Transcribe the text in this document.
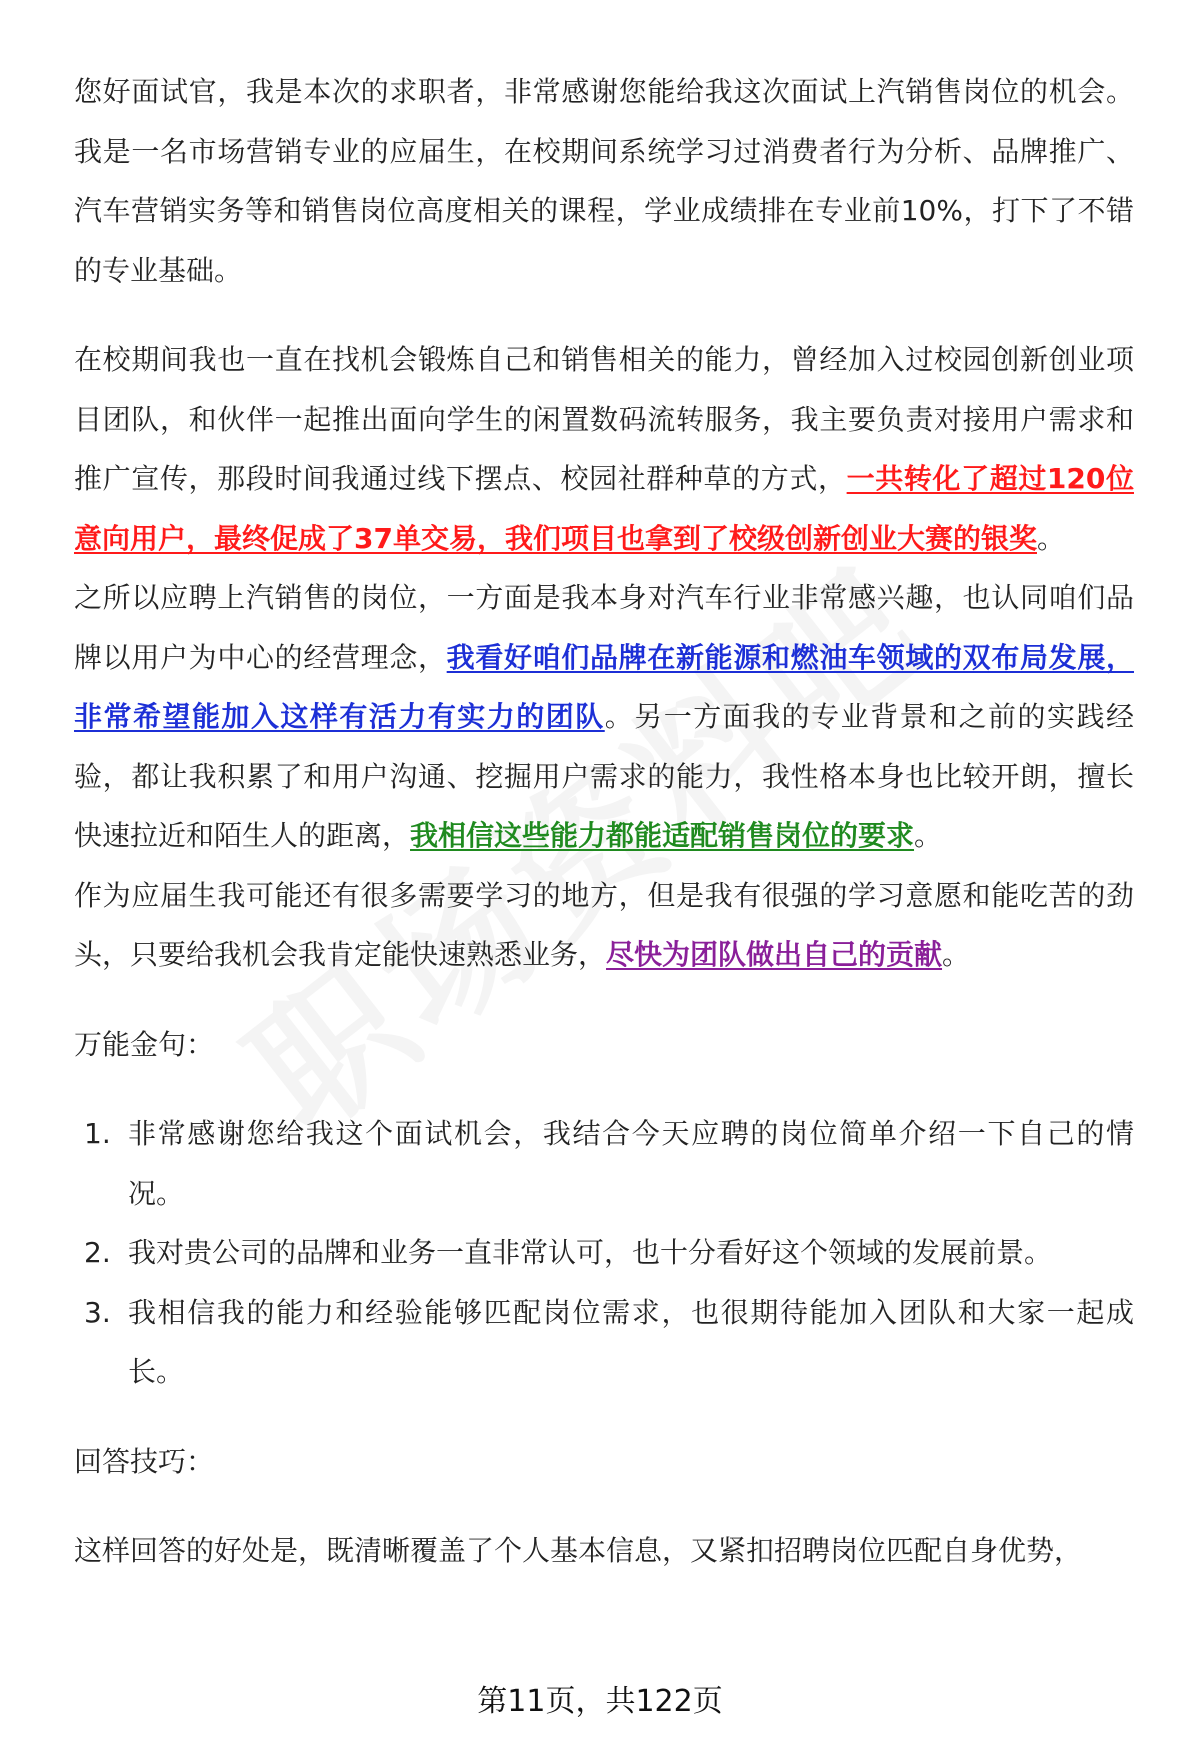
您好面试官，我是本次的求职者，非常感谢您能给我这次面试上汽销售岗位的机会。我是一名市场营销专业的应届生，在校期间系统学习过消费者行为分析、品牌推广、汽车营销实务等和销售岗位高度相关的课程，学业成绩排在专业前10%，打下了不错的专业基础。

在校期间我也一直在找机会锻炼自己和销售相关的能力，曾经加入过校园创新创业项目团队，和伙伴一起推出面向学生的闲置数码流转服务，我主要负责对接用户需求和推广宣传，那段时间我通过线下摆点、校园社群种草的方式，一共转化了超过120位意向用户，最终促成了37单交易，我们项目也拿到了校级创新创业大赛的银奖。

之所以应聘上汽销售的岗位，一方面是我本身对汽车行业非常感兴趣，也认同咱们品牌以用户为中心的经营理念，我看好咱们品牌在新能源和燃油车领域的双布局发展，非常希望能加入这样有活力有实力的团队。另一方面我的专业背景和之前的实践经验，都让我积累了和用户沟通、挖掘用户需求的能力，我性格本身也比较开朗，擅长快速拉近和陌生人的距离，我相信这些能力都能适配销售岗位的要求。

作为应届生我可能还有很多需要学习的地方，但是我有很强的学习意愿和能吃苦的劲头，只要给我机会我肯定能快速熟悉业务，尽快为团队做出自己的贡献。

万能金句：

1. 非常感谢您给我这个面试机会，我结合今天应聘的岗位简单介绍一下自己的情况。
2. 我对贵公司的品牌和业务一直非常认可，也十分看好这个领域的发展前景。
3. 我相信我的能力和经验能够匹配岗位需求，也很期待能加入团队和大家一起成长。

回答技巧：

这样回答的好处是，既清晰覆盖了个人基本信息，又紧扣招聘岗位匹配自身优势，

第11页，共122页
